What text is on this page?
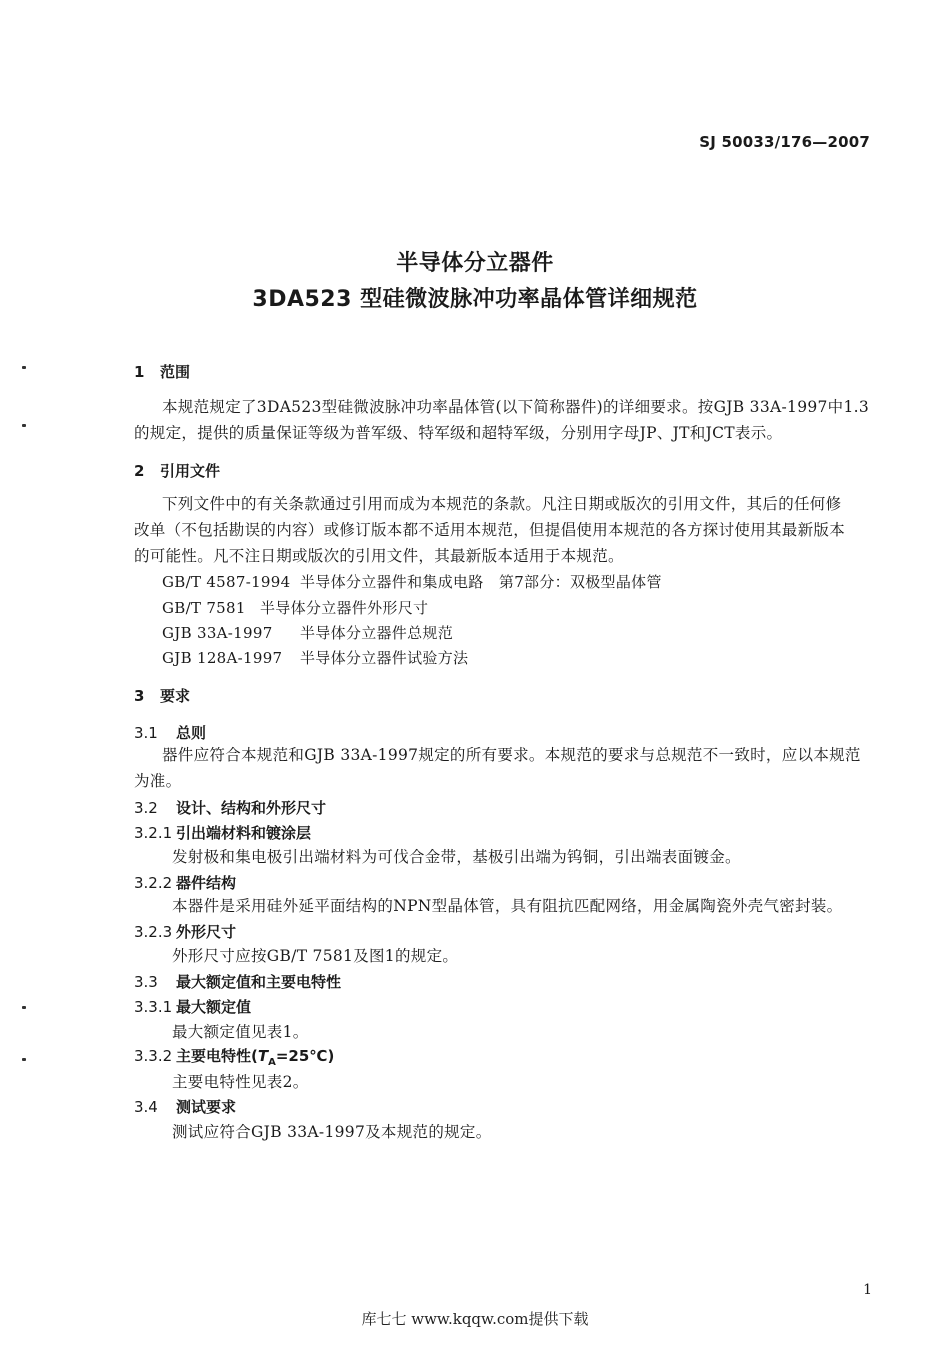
SJ 50033/176—2007
半导体分立器件
3DA523 型硅微波脉冲功率晶体管详细规范
1 范围
本规范规定了3DA523型硅微波脉冲功率晶体管(以下简称器件)的详细要求。按GJB 33A-1997中1.3
的规定，提供的质量保证等级为普军级、特军级和超特军级，分别用字母JP、JT和JCT表示。
2 引用文件
下列文件中的有关条款通过引用而成为本规范的条款。凡注日期或版次的引用文件，其后的任何修
改单（不包括勘误的内容）或修订版本都不适用本规范，但提倡使用本规范的各方探讨使用其最新版本
的可能性。凡不注日期或版次的引用文件，其最新版本适用于本规范。
GB/T 4587-1994 半导体分立器件和集成电路　第7部分：双极型晶体管
GB/T 7581 半导体分立器件外形尺寸
GJB 33A-1997 半导体分立器件总规范
GJB 128A-1997 半导体分立器件试验方法
3 要求
3.1 总则
器件应符合本规范和GJB 33A-1997规定的所有要求。本规范的要求与总规范不一致时，应以本规范
为准。
3.2 设计、结构和外形尺寸
3.2.1 引出端材料和镀涂层
发射极和集电极引出端材料为可伐合金带，基极引出端为钨铜，引出端表面镀金。
3.2.2 器件结构
本器件是采用硅外延平面结构的NPN型晶体管，具有阻抗匹配网络，用金属陶瓷外壳气密封装。
3.2.3 外形尺寸
外形尺寸应按GB/T 7581及图1的规定。
3.3 最大额定值和主要电特性
3.3.1 最大额定值
最大额定值见表1。
3.3.2 主要电特性$(T_A=25℃)$
主要电特性见表2。
3.4 测试要求
测试应符合GJB 33A-1997及本规范的规定。
1
库七七 www.kqqw.com提供下载
